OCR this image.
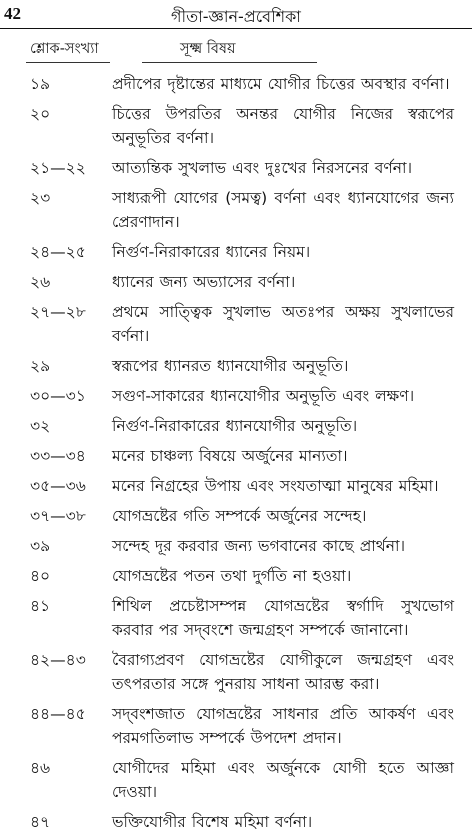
42	গীতা-জ্ঞান-প্রবেশিকা
শ্লোক-সংখ্যা	সূক্ষ্ম বিষয়
১৯	প্রদীপের দৃষ্টান্তের মাধ্যমে যোগীর চিত্তের অবস্থার বর্ণনা।
২০	চিত্তের উপরতির অনন্তর যোগীর নিজের স্বরূপের অনুভূতির বর্ণনা।
২১—২২	আত্যন্তিক সুখলাভ এবং দুঃখের নিরসনের বর্ণনা।
২৩	সাধ্যরূপী যোগের (সমত্ব) বর্ণনা এবং ধ্যানযোগের জন্য প্রেরণাদান।
২৪—২৫	নির্গুণ-নিরাকারের ধ্যানের নিয়ম।
২৬	ধ্যানের জন্য অভ্যাসের বর্ণনা।
২৭—২৮	প্রথমে সাত্ত্বিক সুখলাভ অতঃপর অক্ষয় সুখলাভের বর্ণনা।
২৯	স্বরূপের ধ্যানরত ধ্যানযোগীর অনুভূতি।
৩০—৩১	সগুণ-সাকারের ধ্যানযোগীর অনুভূতি এবং লক্ষণ।
৩২	নির্গুণ-নিরাকারের ধ্যানযোগীর অনুভূতি।
৩৩—৩৪	মনের চাঞ্চল্য বিষয়ে অর্জুনের মান্যতা।
৩৫—৩৬	মনের নিগ্রহের উপায় এবং সংযতাত্মা মানুষের মহিমা।
৩৭—৩৮	যোগভ্রষ্টের গতি সম্পর্কে অর্জুনের সন্দেহ।
৩৯	সন্দেহ দূর করবার জন্য ভগবানের কাছে প্রার্থনা।
৪০	যোগভ্রষ্টের পতন তথা দুর্গতি না হওয়া।
৪১	শিথিল প্রচেষ্টাসম্পন্ন যোগভ্রষ্টের স্বর্গাদি সুখভোগ করবার পর সদ্‌বংশে জন্মগ্রহণ সম্পর্কে জানানো।
৪২—৪৩	বৈরাগ্যপ্রবণ যোগভ্রষ্টের যোগীকুলে জন্মগ্রহণ এবং তৎপরতার সঙ্গে পুনরায় সাধনা আরম্ভ করা।
৪৪—৪৫	সদ্‌বংশজাত যোগভ্রষ্টের সাধনার প্রতি আকর্ষণ এবং পরমগতিলাভ সম্পর্কে উপদেশ প্রদান।
৪৬	যোগীদের মহিমা এবং অর্জুনকে যোগী হতে আজ্ঞা দেওয়া।
৪৭	ভক্তিযোগীর বিশেষ মহিমা বর্ণনা।
